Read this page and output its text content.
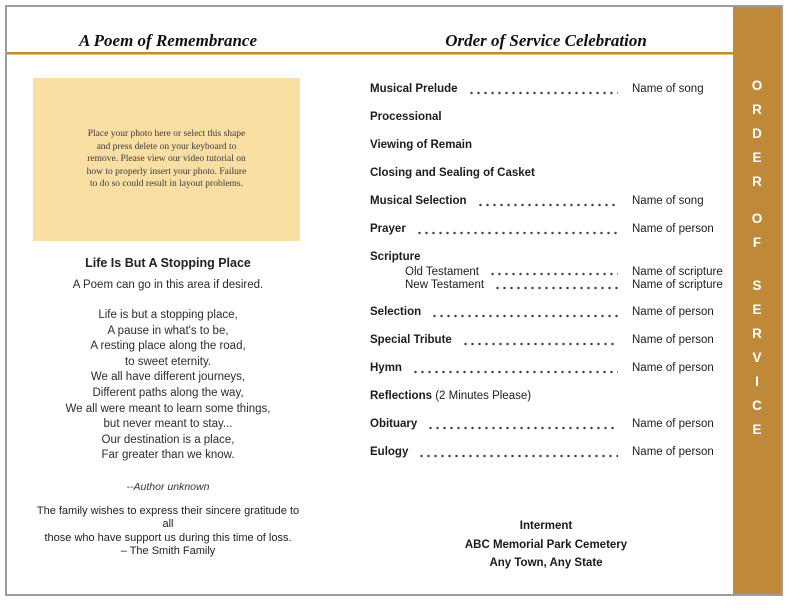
A Poem of Remembrance	Order of Service Celebration
Place your photo here or select this shape
and press delete on your keyboard to
remove. Please view our video tutorial on
how to properly insert your photo. Failure
to do so could result in layout problems.
Life Is But A Stopping Place
A Poem can go in this area if desired.
Life is but a stopping place,
A pause in what's to be,
A resting place along the road,
to sweet eternity.
We all have different journeys,
Different paths along the way,
We all were meant to learn some things,
but never meant to stay...
Our destination is a place,
Far greater than we know.
--Author unknown
The family wishes to express their sincere gratitude to all
those who have support us during this time of loss.
– The Smith Family
Musical Prelude	Name of song
Processional
Viewing of Remain
Closing and Sealing of Casket
Musical Selection	Name of song
Prayer	Name of person
Scripture
Old Testament	Name of scripture
New Testament	Name of scripture
Selection	Name of person
Special Tribute	Name of person
Hymn	Name of person
Reflections (2 Minutes Please)
Obituary	Name of person
Eulogy	Name of person
Interment
ABC Memorial Park Cemetery
Any Town, Any State
O
R
D
E
R
O
F
S
E
R
V
I
C
E
